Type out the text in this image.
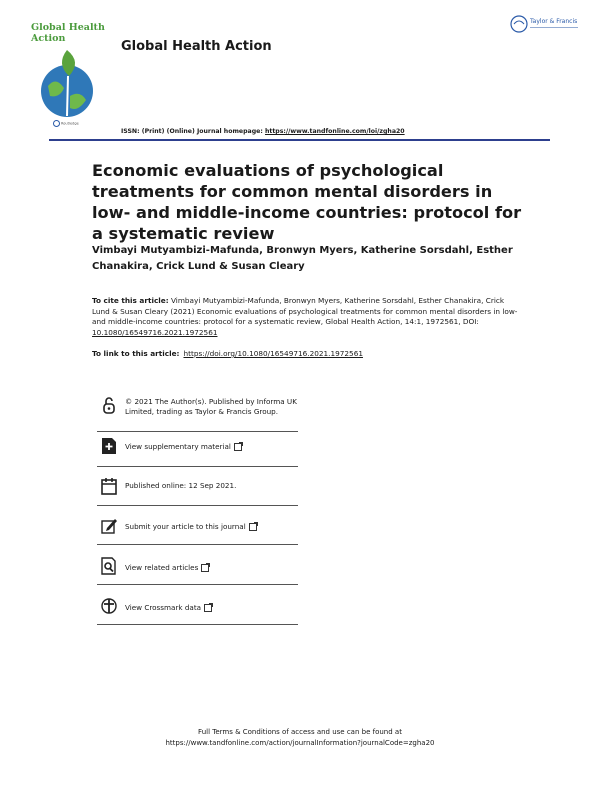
Global Health
Action
Global Health Action
Taylor & Francis
Routledge
ISSN: (Print) (Online) Journal homepage: https://www.tandfonline.com/loi/zgha20
Economic evaluations of psychological treatments for common mental disorders in low- and middle-income countries: protocol for a systematic review
Vimbayi Mutyambizi-Mafunda, Bronwyn Myers, Katherine Sorsdahl, Esther Chanakira, Crick Lund & Susan Cleary
To cite this article: Vimbayi Mutyambizi-Mafunda, Bronwyn Myers, Katherine Sorsdahl, Esther Chanakira, Crick Lund & Susan Cleary (2021) Economic evaluations of psychological treatments for common mental disorders in low- and middle-income countries: protocol for a systematic review, Global Health Action, 14:1, 1972561, DOI: 10.1080/16549716.2021.1972561
To link to this article: https://doi.org/10.1080/16549716.2021.1972561
© 2021 The Author(s). Published by Informa UK Limited, trading as Taylor & Francis Group.
View supplementary material
Published online: 12 Sep 2021.
Submit your article to this journal
View related articles
View Crossmark data
Full Terms & Conditions of access and use can be found at
https://www.tandfonline.com/action/journalInformation?journalCode=zgha20
